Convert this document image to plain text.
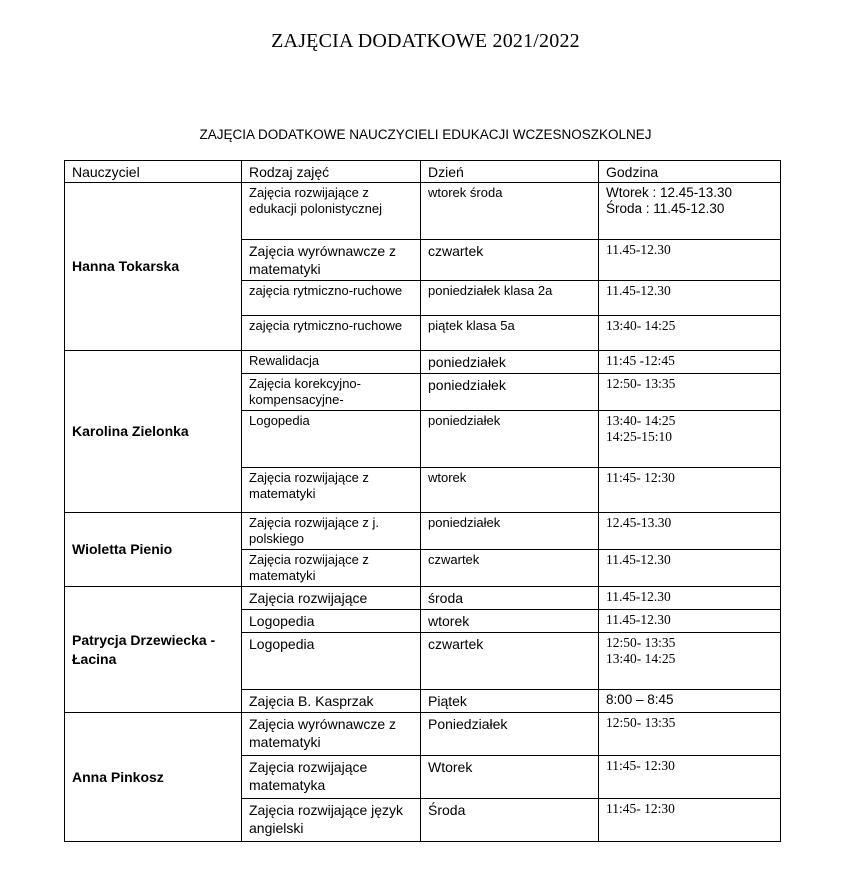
ZAJĘCIA DODATKOWE 2021/2022
ZAJĘCIA DODATKOWE NAUCZYCIELI EDUKACJI WCZESNOSZKOLNEJ
Nauczyciel	Rodzaj zajęć	Dzień	Godzina
Hanna Tokarska	Zajęcia rozwijające z edukacji polonistycznej	wtorek środa	Wtorek : 12.45-13.30
Środa : 11.45-12.30

	Zajęcia wyrównawcze z matematyki	czwartek	11.45-12.30

	zajęcia rytmiczno-ruchowe	poniedziałek klasa 2a	11.45-12.30

	zajęcia rytmiczno-ruchowe	piątek klasa 5a	13:40- 14:25

Karolina Zielonka	Rewalidacja	poniedziałek	11:45 -12:45

	Zajęcia korekcyjno-kompensacyjne-	poniedziałek	12:50- 13:35

	Logopedia	poniedziałek	13:40- 14:25
14:25-15:10

	Zajęcia rozwijające z matematyki	wtorek	11:45- 12:30

Wioletta Pienio	Zajęcia rozwijające z j. polskiego	poniedziałek	12.45-13.30

	Zajęcia rozwijające z matematyki	czwartek	11.45-12.30

Patrycja Drzewiecka - Łacina	Zajęcia rozwijające	środa	11.45-12.30

	Logopedia	wtorek	11.45-12.30

	Logopedia	czwartek	12:50- 13:35
13:40- 14:25

	Zajęcia B. Kasprzak	Piątek	8:00 – 8:45

Anna Pinkosz	Zajęcia wyrównawcze z matematyki	Poniedziałek	12:50- 13:35

	Zajęcia rozwijające matematyka	Wtorek	11:45- 12:30

	Zajęcia rozwijające język angielski	Środa	11:45- 12:30
